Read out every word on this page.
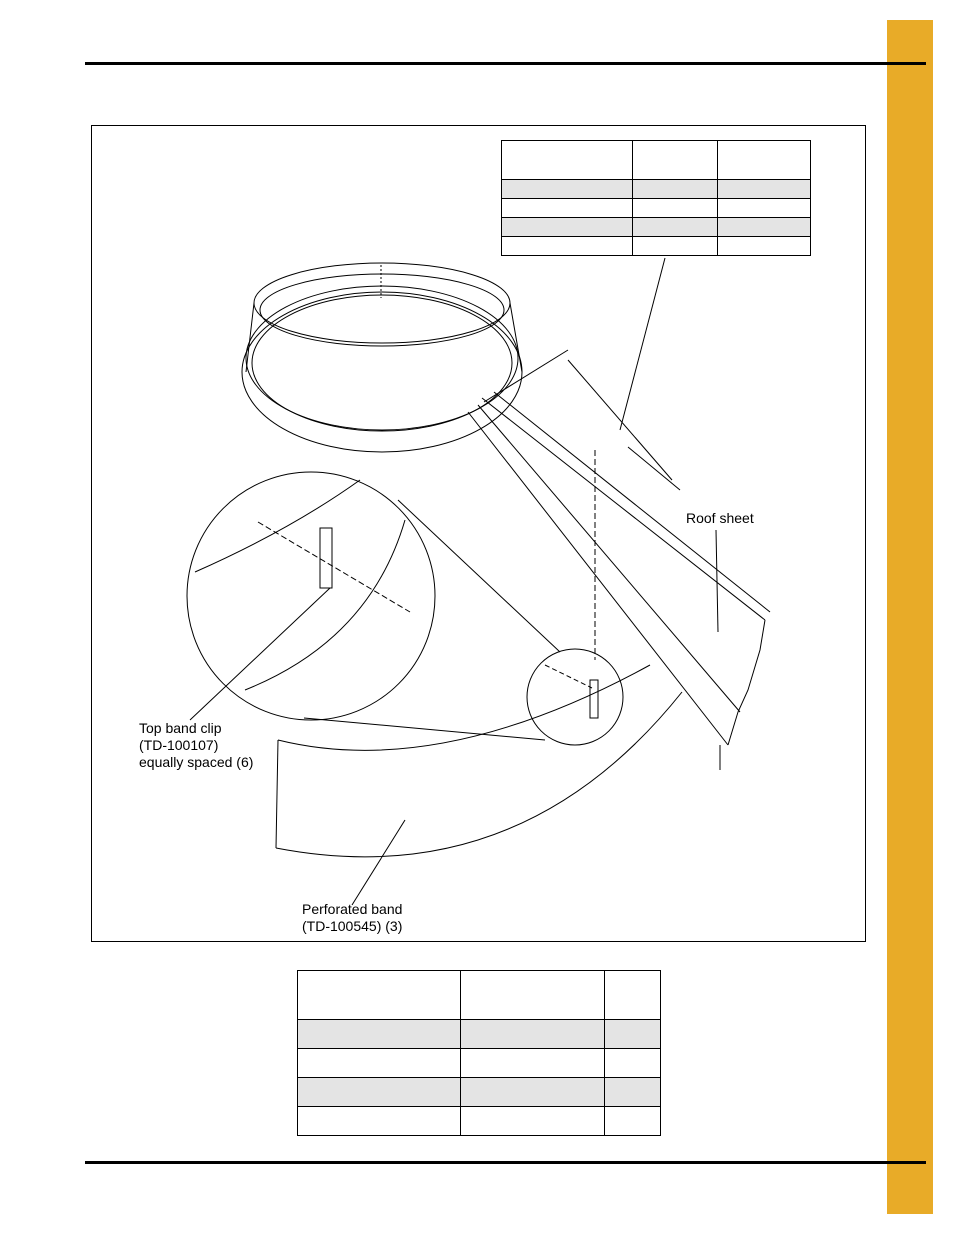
Roof sheet
Top band clip
(TD-100107)
equally spaced (6)
Perforated band
(TD-100545) (3)
